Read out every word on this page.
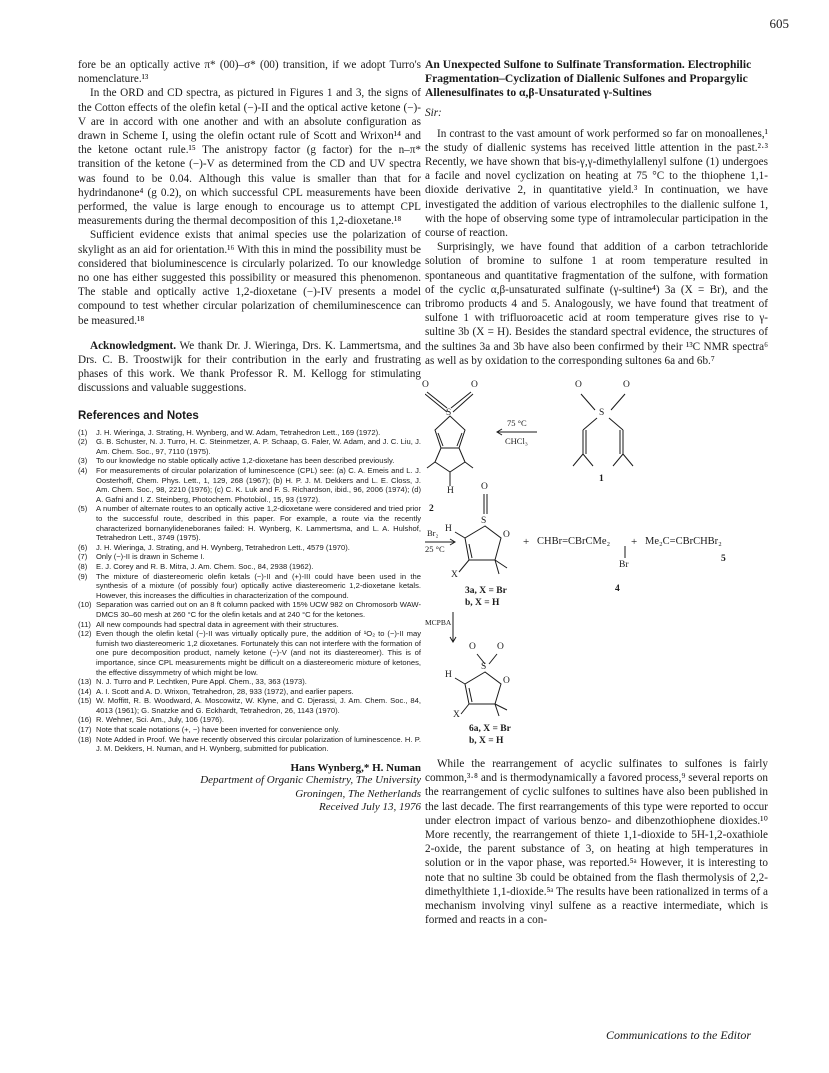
605

fore be an optically active π* (00)–σ* (00) transition, if we adopt Turro's nomenclature.¹³

In the ORD and CD spectra, as pictured in Figures 1 and 3, the signs of the Cotton effects of the olefin ketal (−)-II and the optical active ketone (−)-V are in accord with one another and with an absolute configuration as drawn in Scheme I, using the olefin octant rule of Scott and Wrixon¹⁴ and the ketone octant rule.¹⁵ The anistropy factor (g factor) for the n–π* transition of the ketone (−)-V as determined from the CD and UV spectra was found to be 0.04. Although this value is smaller than that for hydrindanone⁴ (g 0.2), on which successful CPL measurements have been performed, the value is large enough to encourage us to attempt CPL measurements during the thermal decomposition of this 1,2-dioxetane.¹⁸

Sufficient evidence exists that animal species use the polarization of skylight as an aid for orientation.¹⁶ With this in mind the possibility must be considered that bioluminescence is circularly polarized. To our knowledge no one has either suggested this possibility or measured this phenomenon. The stable and optically active 1,2-dioxetane (−)-IV presents a model compound to test whether circular polarization of chemiluminescence can be measured.¹⁸

Acknowledgment. We thank Dr. J. Wieringa, Drs. K. Lammertsma, and Drs. C. B. Troostwijk for their contribution in the early and frustrating phases of this work. We thank Professor R. M. Kellogg for stimulating discussions and valuable suggestions.

References and Notes
(1) J. H. Wieringa, J. Strating, H. Wynberg, and W. Adam, Tetrahedron Lett., 169 (1972).
(2) G. B. Schuster, N. J. Turro, H. C. Steinmetzer, A. P. Schaap, G. Faler, W. Adam, and J. C. Liu, J. Am. Chem. Soc., 97, 7110 (1975).
(3) To our knowledge no stable optically active 1,2-dioxetane has been described previously.
(4) For measurements of circular polarization of luminescence (CPL) see: (a) C. A. Emeis and L. J. Oosterhoff, Chem. Phys. Lett., 1, 129, 268 (1967); (b) H. P. J. M. Dekkers and L. E. Closs, J. Am. Chem. Soc., 98, 2210 (1976); (c) C. K. Luk and F. S. Richardson, ibid., 96, 2006 (1974); (d) A. Gafni and I. Z. Steinberg, Photochem. Photobiol., 15, 93 (1972).
(5) A number of alternate routes to an optically active 1,2-dioxetane were considered and tried prior to the successful route, described in this paper. For example, a route via the recently characterized bornanylideneboranes failed: H. Wynberg, K. Lammertsma, and L. A. Hulshof, Tetrahedron Lett., 3749 (1975).
(6) J. H. Wieringa, J. Strating, and H. Wynberg, Tetrahedron Lett., 4579 (1970).
(7) Only (−)-II is drawn in Scheme I.
(8) E. J. Corey and R. B. Mitra, J. Am. Chem. Soc., 84, 2938 (1962).
(9) The mixture of diastereomeric olefin ketals (−)-II and (+)-III could have been used in the synthesis of a mixture (of possibly four) optically active diastereomeric 1,2-dioxetane ketals. However, this increases the difficulties in characterization of the compound.
(10) Separation was carried out on an 8 ft column packed with 15% UCW 982 on Chromosorb WAW-DMCS 30–60 mesh at 260 °C for the olefin ketals and at 240 °C for the ketones.
(11) All new compounds had spectral data in agreement with their structures.
(12) Even though the olefin ketal (−)-II was virtually optically pure, the addition of ¹O₂ to (−)-II may furnish two diastereomeric 1,2 dioxetanes. Fortunately this can not interfere with the formation of one pure decomposition product, namely ketone (−)-V (and not its diastereomer). This is of importance, since CPL measurements might be difficult on a diastereomeric mixture of ketones, the effective dissymmetry of which might be low.
(13) N. J. Turro and P. Lechtken, Pure Appl. Chem., 33, 363 (1973).
(14) A. I. Scott and A. D. Wrixon, Tetrahedron, 28, 933 (1972), and earlier papers.
(15) W. Moffitt, R. B. Woodward, A. Moscowitz, W. Klyne, and C. Djerassi, J. Am. Chem. Soc., 84, 4013 (1961); G. Snatzke and G. Eckhardt, Tetrahedron, 26, 1143 (1970).
(16) R. Wehner, Sci. Am., July, 106 (1976).
(17) Note that scale notations (+, −) have been inverted for convenience only.
(18) Note Added in Proof. We have recently observed this circular polarization of luminescence. H. P. J. M. Dekkers, H. Numan, and H. Wynberg, submitted for publication.
Hans Wynberg,* H. Numan
Department of Organic Chemistry, The University
Groningen, The Netherlands
Received July 13, 1976
An Unexpected Sulfone to Sulfinate Transformation. Electrophilic Fragmentation–Cyclization of Diallenic Sulfones and Propargylic Allenesulfinates to α,β-Unsaturated γ-Sultines
Sir:

In contrast to the vast amount of work performed so far on monoallenes,¹ the study of diallenic systems has received little attention in the past.²·³ Recently, we have shown that bis-γ,γ-dimethylallenyl sulfone (1) undergoes a facile and novel cyclization on heating at 75 °C to the thiophene 1,1-dioxide derivative 2, in quantitative yield.³ In continuation, we have investigated the addition of various electrophiles to the diallenic sulfone 1, with the hope of observing some type of intramolecular participation in the course of reaction.

Surprisingly, we have found that addition of a carbon tetrachloride solution of bromine to sulfone 1 at room temperature resulted in spontaneous and quantitative fragmentation of the sulfone, with formation of the cyclic α,β-unsaturated sulfinate (γ-sultine⁴) 3a (X = Br), and the tribromo products 4 and 5. Analogously, we have found that treatment of sulfone 1 with trifluoroacetic acid at room temperature gives rise to γ-sultine 3b (X = H). Besides the standard spectral evidence, the structures of the sultines 3a and 3b have also been confirmed by their ¹³C NMR spectra⁶ as well as by oxidation to the corresponding sultones 6a and 6b.⁷

O	O
S
H
2
75 °C
CHCl₃
O	O
S
1
O
S
O
H
X
3a, X = Br
b, X = H
Br₂
25 °C
+ CHBr=CBrCMe₂ + Me₂C=CBrCHBr₂
Br
4
5
MCPBA
O O
S
O
H
X
6a, X = Br
b, X = H

While the rearrangement of acyclic sulfinates to sulfones is fairly common,³·⁸ and is thermodynamically a favored process,⁹ several reports on the rearrangement of cyclic sulfones to sultines have also been published in the last decade. The first rearrangements of this type were reported to occur under electron impact of various benzo- and dibenzothiophene dioxides.¹⁰ More recently, the rearrangement of thiete 1,1-dioxide to 5H-1,2-oxathiole 2-oxide, the parent substance of 3, on heating at high temperatures in solution or in the vapor phase, was reported.⁵ᵃ However, it is interesting to note that no sultine 3b could be obtained from the flash thermolysis of 2,2-dimethylthiete 1,1-dioxide.⁵ᵃ The results have been rationalized in terms of a mechanism involving vinyl sulfene as a reactive intermediate, which is formed and reacts in a con-

Communications to the Editor
